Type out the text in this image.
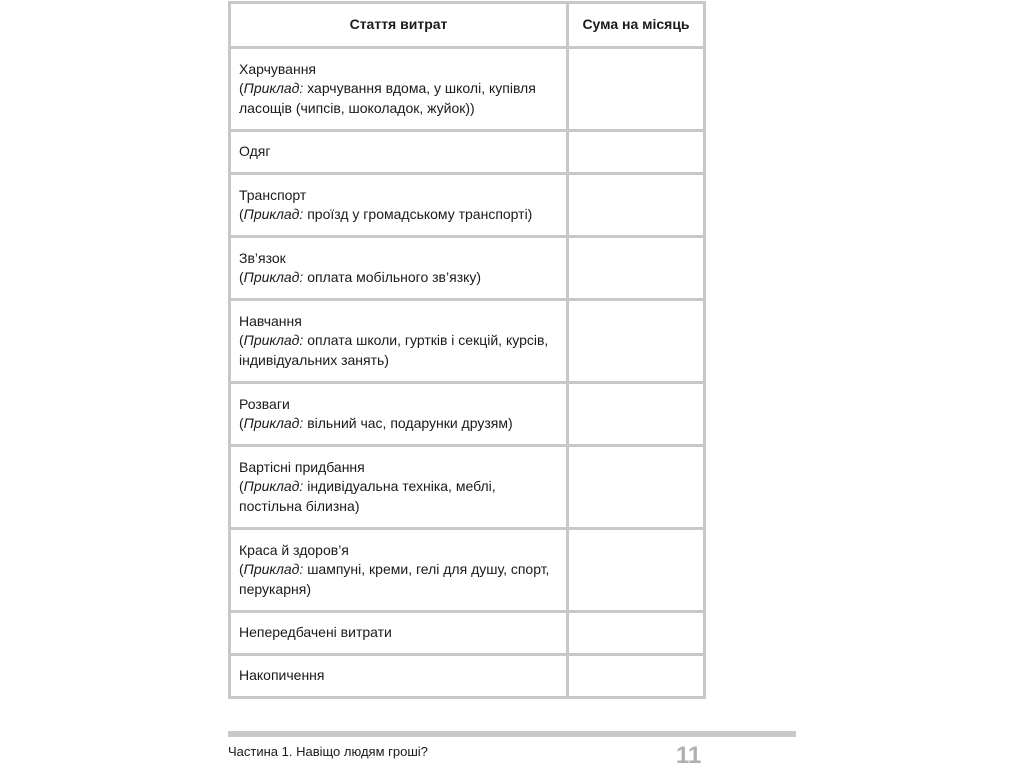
Стаття витрат	Сума на місяць

Харчування
(Приклад: харчування вдома, у школі, купівля ласощів (чипсів, шоколадок, жуйок))	

Одяг	

Транспорт
(Приклад: проїзд у громадському транспорті)	

Зв’язок
(Приклад: оплата мобільного зв’язку)	

Навчання
(Приклад: оплата школи, гуртків і секцій, курсів, індивідуальних занять)	

Розваги
(Приклад: вільний час, подарунки друзям)	

Вартісні придбання
(Приклад: індивідуальна техніка, меблі, постільна білизна)	

Краса й здоров’я
(Приклад: шампуні, креми, гелі для душу, спорт, перукарня)	

Непередбачені витрати	

Накопичення	

Частина 1. Навіщо людям гроші?	11
